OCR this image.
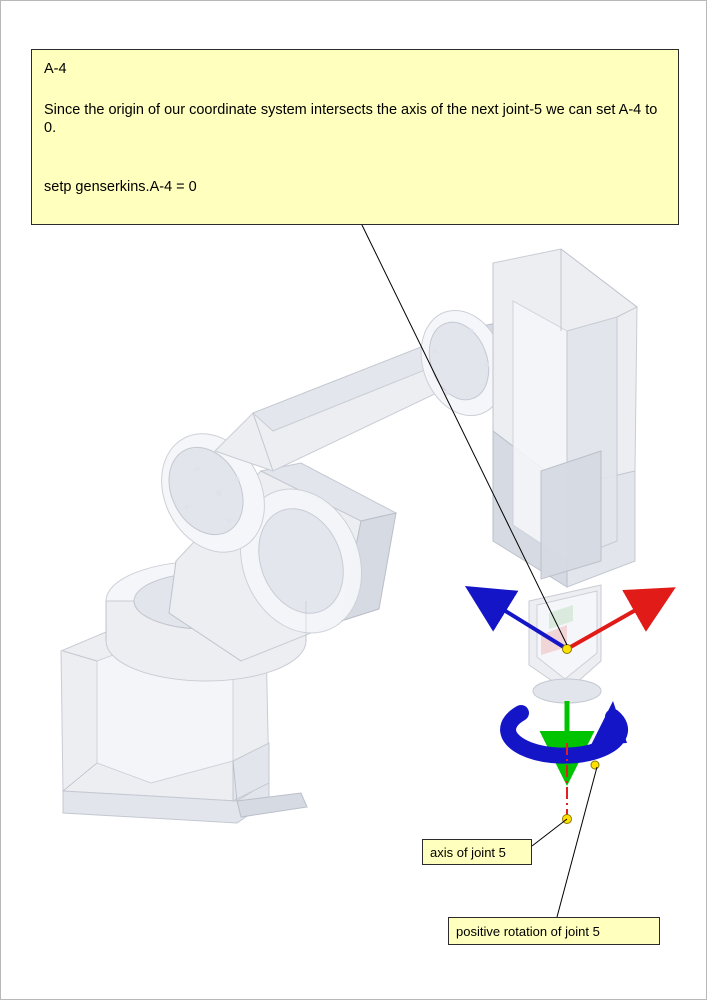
A-4
Since the origin of our coordinate system intersects the axis of the next joint-5 we can set A-4 to 0.
setp genserkins.A-4 = 0
axis of joint 5
positive rotation of joint 5
